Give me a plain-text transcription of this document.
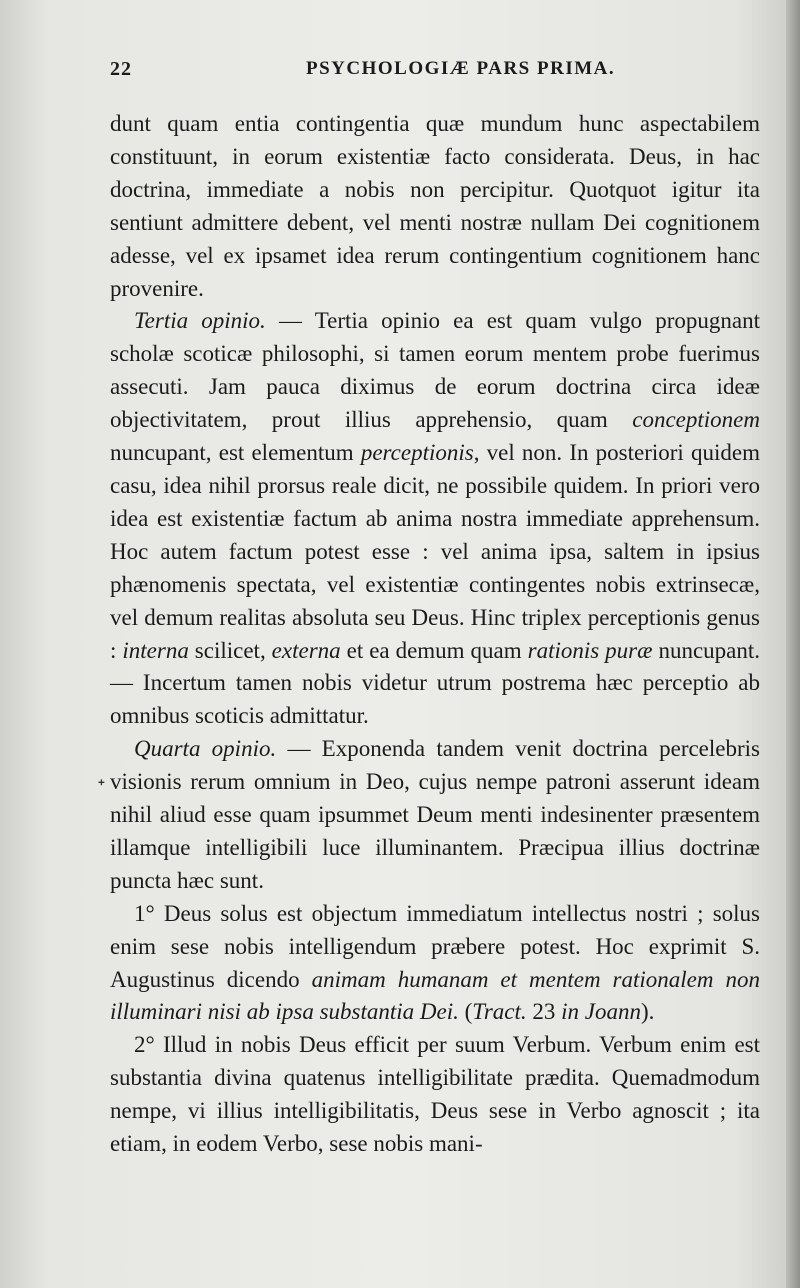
22	PSYCHOLOGIÆ PARS PRIMA.
ᐩ

dunt quam entia contingentia quæ mundum hunc aspectabilem constituunt, in eorum existentiæ facto considerata. Deus, in hac doctrina, immediate a nobis non percipitur. Quotquot igitur ita sentiunt admittere debent, vel menti nostræ nullam Dei cognitionem adesse, vel ex ipsamet idea rerum contingentium cognitionem hanc provenire.

Tertia opinio. — Tertia opinio ea est quam vulgo propugnant scholæ scoticæ philosophi, si tamen eorum mentem probe fuerimus assecuti. Jam pauca diximus de eorum doctrina circa ideæ objectivitatem, prout illius apprehensio, quam conceptionem nuncupant, est elementum perceptionis, vel non. In posteriori quidem casu, idea nihil prorsus reale dicit, ne possibile quidem. In priori vero idea est existentiæ factum ab anima nostra immediate apprehensum. Hoc autem factum potest esse : vel anima ipsa, saltem in ipsius phænomenis spectata, vel existentiæ contingentes nobis extrinsecæ, vel demum realitas absoluta seu Deus. Hinc triplex perceptionis genus : interna scilicet, externa et ea demum quam rationis puræ nuncupant. — Incertum tamen nobis videtur utrum postrema hæc perceptio ab omnibus scoticis admittatur.

Quarta opinio. — Exponenda tandem venit doctrina percelebris visionis rerum omnium in Deo, cujus nempe patroni asserunt ideam nihil aliud esse quam ipsummet Deum menti indesinenter præsentem illamque intelligibili luce illuminantem. Præcipua illius doctrinæ puncta hæc sunt.

1° Deus solus est objectum immediatum intellectus nostri ; solus enim sese nobis intelligendum præbere potest. Hoc exprimit S. Augustinus dicendo animam humanam et mentem rationalem non illuminari nisi ab ipsa substantia Dei. (Tract. 23 in Joann).

2° Illud in nobis Deus efficit per suum Verbum. Verbum enim est substantia divina quatenus intelligibilitate prædita. Quemadmodum nempe, vi illius intelligibilitatis, Deus sese in Verbo agnoscit ; ita etiam, in eodem Verbo, sese nobis mani-
